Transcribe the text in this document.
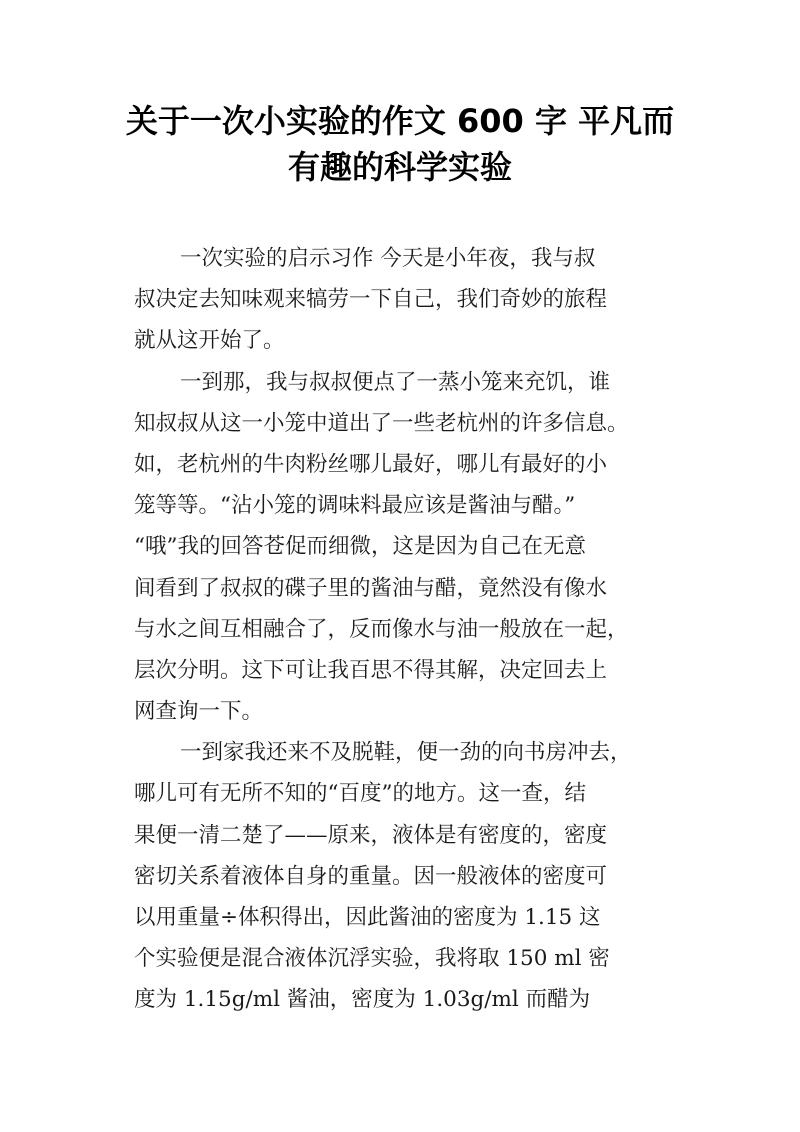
关于一次小实验的作文 600 字 平凡而
有趣的科学实验
一次实验的启示习作 今天是小年夜，我与叔
叔决定去知味观来犒劳一下自己，我们奇妙的旅程
就从这开始了。
一到那，我与叔叔便点了一蒸小笼来充饥，谁
知叔叔从这一小笼中道出了一些老杭州的许多信息。
如，老杭州的牛肉粉丝哪儿最好，哪儿有最好的小
笼等等。“沾小笼的调味料最应该是酱油与醋。”
“哦”我的回答苍促而细微，这是因为自己在无意
间看到了叔叔的碟子里的酱油与醋，竟然没有像水
与水之间互相融合了，反而像水与油一般放在一起，
层次分明。这下可让我百思不得其解，决定回去上
网查询一下。
一到家我还来不及脱鞋，便一劲的向书房冲去，
哪儿可有无所不知的“百度”的地方。这一查，结
果便一清二楚了——原来，液体是有密度的，密度
密切关系着液体自身的重量。因一般液体的密度可
以用重量÷体积得出，因此酱油的密度为 1.15 这
个实验便是混合液体沉浮实验，我将取 150 ml 密
度为 1.15g/ml 酱油，密度为 1.03g/ml 而醋为
